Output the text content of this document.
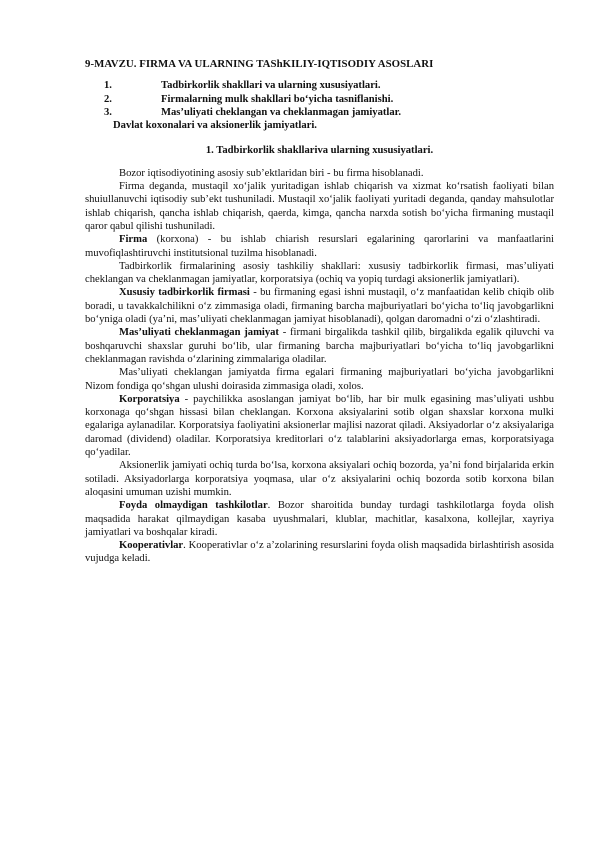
9-MAVZU. FIRMA VA ULARNING TAShKILIY-IQTISODIY ASOSLARI
1.	Tadbirkorlik shakllari va ularning xususiyatlari.
2.	Firmalarning mulk shakllari bo‘yicha tasniflanishi.
3.	Mas’uliyati cheklangan va cheklanmagan jamiyatlar.
Davlat koxonalari va aksionerlik jamiyatlari.
1. Tadbirkorlik shakllariva ularning xususiyatlari.

Bozor iqtisodiyotining asosiy sub’ektlaridan biri - bu firma hisoblanadi.

Firma deganda, mustaqil xo‘jalik yuritadigan ishlab chiqarish va xizmat ko‘rsatish faoliyati bilan shuiullanuvchi iqtisodiy sub’ekt tushuniladi. Mustaqil xo‘jalik faoliyati yuritadi deganda, qanday mahsulotlar ishlab chiqarish, qancha ishlab chiqarish, qaerda, kimga, qancha narxda sotish bo‘yicha firmaning mustaqil qaror qabul qilishi tushuniladi.

Firma (korxona) - bu ishlab chiarish resurslari egalarining qarorlarini va manfaatlarini muvofiqlashtiruvchi institutsional tuzilma hisoblanadi.

Tadbirkorlik firmalarining asosiy tashkiliy shakllari: xususiy tadbirkorlik firmasi, mas’uliyati cheklangan va cheklanmagan jamiyatlar, korporatsiya (ochiq va yopiq turdagi aksionerlik jamiyatlari).

Xususiy tadbirkorlik firmasi - bu firmaning egasi ishni mustaqil, o‘z manfaatidan kelib chiqib olib boradi, u tavakkalchilikni o‘z zimmasiga oladi, firmaning barcha majburiyatlari bo‘yicha to‘liq javobgarlikni bo‘yniga oladi (ya’ni, mas’uliyati cheklanmagan jamiyat hisoblanadi), qolgan daromadni o‘zi o‘zlashtiradi.

Mas’uliyati cheklanmagan jamiyat - firmani birgalikda tashkil qilib, birgalikda egalik qiluvchi va boshqaruvchi shaxslar guruhi bo‘lib, ular firmaning barcha majburiyatlari bo‘yicha to‘liq javobgarlikni cheklanmagan ravishda o‘zlarining zimmalariga oladilar.

Mas’uliyati cheklangan jamiyatda firma egalari firmaning majburiyatlari bo‘yicha javobgarlikni Nizom fondiga qo‘shgan ulushi doirasida zimmasiga oladi, xolos.

Korporatsiya - paychilikka asoslangan jamiyat bo‘lib, har bir mulk egasining mas’uliyati ushbu korxonaga qo‘shgan hissasi bilan cheklangan. Korxona aksiyalarini sotib olgan shaxslar korxona mulki egalariga aylanadilar. Korporatsiya faoliyatini aksionerlar majlisi nazorat qiladi. Aksiyadorlar o‘z aksiyalariga daromad (dividend) oladilar. Korporatsiya kreditorlari o‘z talablarini aksiyadorlarga emas, korporatsiyaga qo‘yadilar.

Aksionerlik jamiyati ochiq turda bo‘lsa, korxona aksiyalari ochiq bozorda, ya’ni fond birjalarida erkin sotiladi. Aksiyadorlarga korporatsiya yoqmasa, ular o‘z aksiyalarini ochiq bozorda sotib korxona bilan aloqasini umuman uzishi mumkin.

Foyda olmaydigan tashkilotlar. Bozor sharoitida bunday turdagi tashkilotlarga foyda olish maqsadida harakat qilmaydigan kasaba uyushmalari, klublar, machitlar, kasalxona, kollejlar, xayriya jamiyatlari va boshqalar kiradi.

Kooperativlar. Kooperativlar o‘z a’zolarining resurslarini foyda olish maqsadida birlashtirish asosida vujudga keladi.
